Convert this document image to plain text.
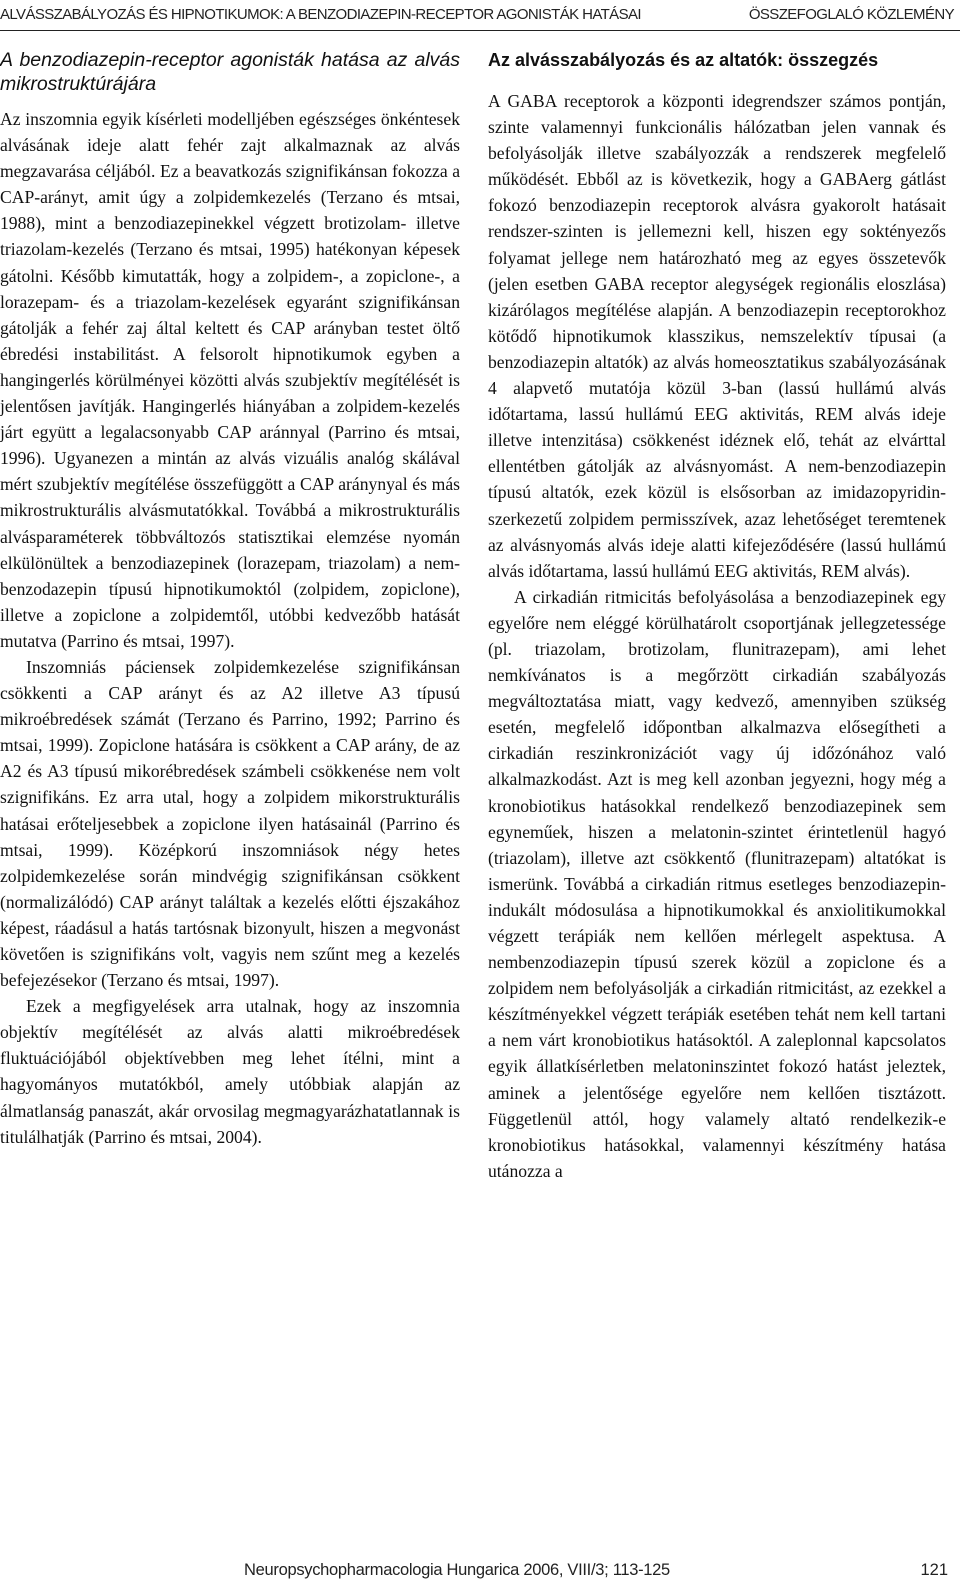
ALVÁSSZABÁLYOZÁS ÉS HIPNOTIKUMOK: A BENZODIAZEPIN-RECEPTOR AGONISTÁK HATÁSAI	ÖSSZEFOGLALÓ KÖZLEMÉNY
A benzodiazepin-receptor agonisták hatása az alvás mikrostruktúrájára

Az inszomnia egyik kísérleti modelljében egészséges önkéntesek alvásának ideje alatt fehér zajt alkalmaznak az alvás megzavarása céljából. Ez a beavatkozás szignifikánsan fokozza a CAP-arányt, amit úgy a zolpidemkezelés (Terzano és mtsai, 1988), mint a benzodiazepinekkel végzett brotizolam- illetve triazolam-kezelés (Terzano és mtsai, 1995) hatékonyan képesek gátolni. Később kimutatták, hogy a zolpidem-, a zopiclone-, a lorazepam- és a triazolam-kezelések egyaránt szignifikánsan gátolják a fehér zaj által keltett és CAP arányban testet öltő ébredési instabilitást. A felsorolt hipnotikumok egyben a hangingerlés körülményei közötti alvás szubjektív megítélését is jelentősen javítják. Hangingerlés hiányában a zolpidem-kezelés járt együtt a legalacsonyabb CAP aránnyal (Parrino és mtsai, 1996). Ugyanezen a mintán az alvás vizuális analóg skálával mért szubjektív megítélése összefüggött a CAP aránynyal és más mikrostrukturális alvásmutatókkal. Továbbá a mikrostrukturális alvásparaméterek többváltozós statisztikai elemzése nyomán elkülönültek a benzodiazepinek (lorazepam, triazolam) a nem-benzodazepin típusú hipnotikumoktól (zolpidem, zopiclone), illetve a zopiclone a zolpidemtől, utóbbi kedvezőbb hatását mutatva (Parrino és mtsai, 1997).

Inszomniás páciensek zolpidemkezelése szignifikánsan csökkenti a CAP arányt és az A2 illetve A3 típusú mikroébredések számát (Terzano és Parrino, 1992; Parrino és mtsai, 1999). Zopiclone hatására is csökkent a CAP arány, de az A2 és A3 típusú mikorébredések számbeli csökkenése nem volt szignifikáns. Ez arra utal, hogy a zolpidem mikorstrukturális hatásai erőteljesebbek a zopiclone ilyen hatásainál (Parrino és mtsai, 1999). Középkorú inszomniások négy hetes zolpidemkezelése során mindvégig szignifikánsan csökkent (normalizálódó) CAP arányt találtak a kezelés előtti éjszakához képest, ráadásul a hatás tartósnak bizonyult, hiszen a megvonást követően is szignifikáns volt, vagyis nem szűnt meg a kezelés befejezésekor (Terzano és mtsai, 1997).

Ezek a megfigyelések arra utalnak, hogy az inszomnia objektív megítélését az alvás alatti mikroébredések fluktuációjából objektívebben meg lehet ítélni, mint a hagyományos mutatókból, amely utóbbiak alapján az álmatlanság panaszát, akár orvosilag megmagyarázhatatlannak is titulálhatják (Parrino és mtsai, 2004).

Az alvásszabályozás és az altatók: összegzés

A GABA receptorok a központi idegrendszer számos pontján, szinte valamennyi funkcionális hálózatban jelen vannak és befolyásolják illetve szabályozzák a rendszerek megfelelő működését. Ebből az is következik, hogy a GABAerg gátlást fokozó benzodiazepin receptorok alvásra gyakorolt hatásait rendszer-szinten is jellemezni kell, hiszen egy soktényezős folyamat jellege nem határozható meg az egyes összetevők (jelen esetben GABA receptor alegységek regionális eloszlása) kizárólagos megítélése alapján. A benzodiazepin receptorokhoz kötődő hipnotikumok klasszikus, nemszelektív típusai (a benzodiazepin altatók) az alvás homeosztatikus szabályozásának 4 alapvető mutatója közül 3-ban (lassú hullámú alvás időtartama, lassú hullámú EEG aktivitás, REM alvás ideje illetve intenzitása) csökkenést idéznek elő, tehát az elvárttal ellentétben gátolják az alvásnyomást. A nem-benzodiazepin típusú altatók, ezek közül is elsősorban az imidazopyridin-szerkezetű zolpidem permisszívek, azaz lehetőséget teremtenek az alvásnyomás alvás ideje alatti kifejeződésére (lassú hullámú alvás időtartama, lassú hullámú EEG aktivitás, REM alvás).

A cirkadián ritmicitás befolyásolása a benzodiazepinek egy egyelőre nem eléggé körülhatárolt csoportjának jellegzetessége (pl. triazolam, brotizolam, flunitrazepam), ami lehet nemkívánatos is a megőrzött cirkadián szabályozás megváltoztatása miatt, vagy kedvező, amennyiben szükség esetén, megfelelő időpontban alkalmazva elősegítheti a cirkadián reszinkronizációt vagy új időzónához való alkalmazkodást. Azt is meg kell azonban jegyezni, hogy még a kronobiotikus hatásokkal rendelkező benzodiazepinek sem egyneműek, hiszen a melatonin-szintet érintetlenül hagyó (triazolam), illetve azt csökkentő (flunitrazepam) altatókat is ismerünk. Továbbá a cirkadián ritmus esetleges benzodiazepin-indukált módosulása a hipnotikumokkal és anxiolitikumokkal végzett terápiák nem kellően mérlegelt aspektusa. A nembenzodiazepin típusú szerek közül a zopiclone és a zolpidem nem befolyásolják a cirkadián ritmicitást, az ezekkel a készítményekkel végzett terápiák esetében tehát nem kell tartani a nem várt kronobiotikus hatásoktól. A zaleplonnal kapcsolatos egyik állatkísérletben melatoninszintet fokozó hatást jeleztek, aminek a jelentősége egyelőre nem kellően tisztázott. Függetlenül attól, hogy valamely altató rendelkezik-e kronobiotikus hatásokkal, valamennyi készítmény hatása utánozza a

Neuropsychopharmacologia Hungarica 2006, VIII/3; 113-125	121
